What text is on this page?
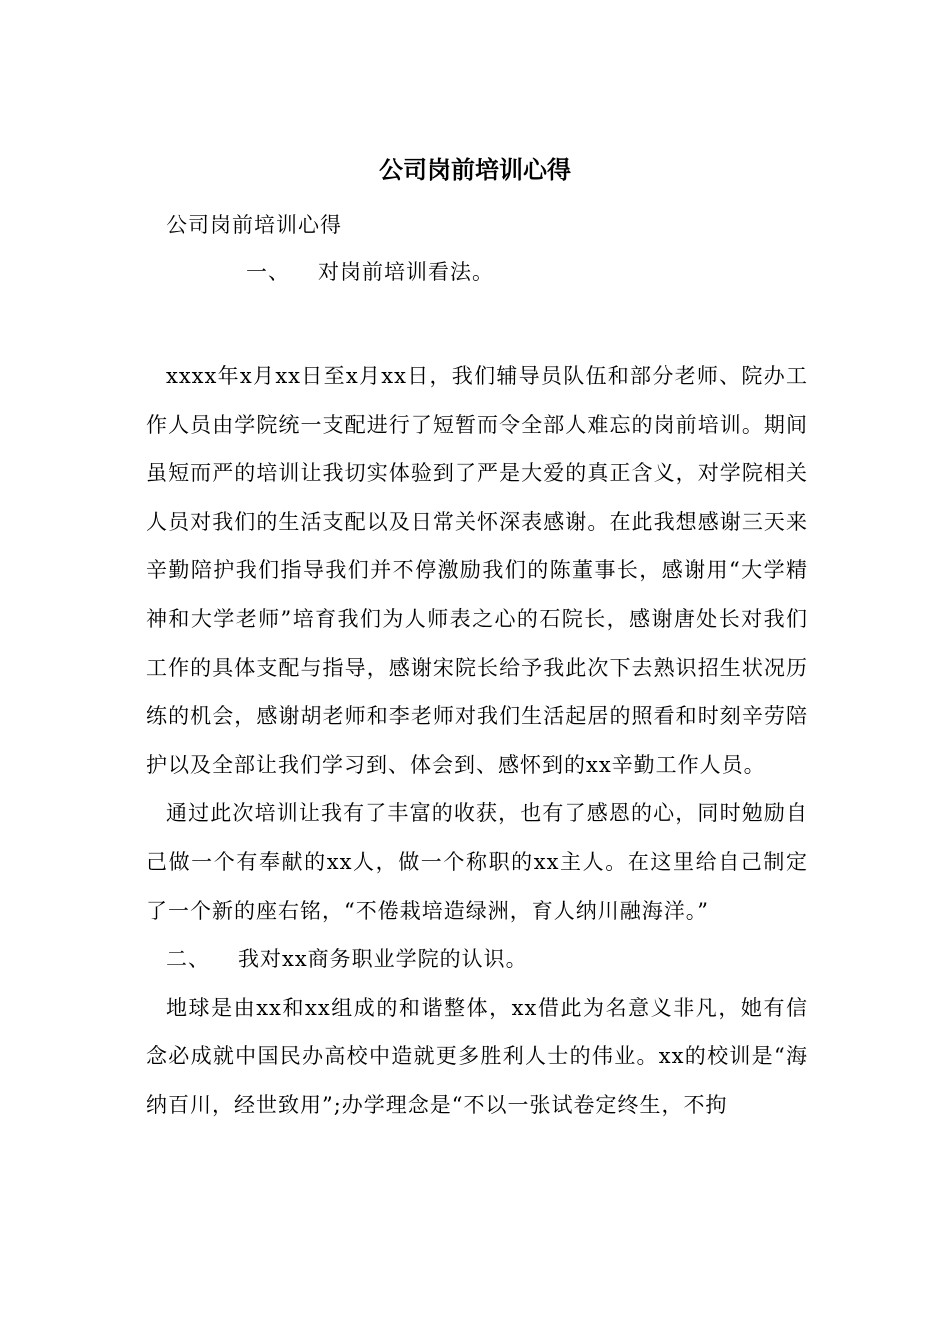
公司岗前培训心得
公司岗前培训心得
一、 对岗前培训看法。

xxxx年x月xx日至x月xx日，我们辅导员队伍和部分老师、院办工作人员由学院统一支配进行了短暂而令全部人难忘的岗前培训。期间虽短而严的培训让我切实体验到了严是大爱的真正含义，对学院相关人员对我们的生活支配以及日常关怀深表感谢。在此我想感谢三天来辛勤陪护我们指导我们并不停激励我们的陈董事长，感谢用“大学精神和大学老师”培育我们为人师表之心的石院长，感谢唐处长对我们工作的具体支配与指导，感谢宋院长给予我此次下去熟识招生状况历练的机会，感谢胡老师和李老师对我们生活起居的照看和时刻辛劳陪护以及全部让我们学习到、体会到、感怀到的xx辛勤工作人员。

通过此次培训让我有了丰富的收获，也有了感恩的心，同时勉励自己做一个有奉献的xx人，做一个称职的xx主人。在这里给自己制定了一个新的座右铭，“不倦栽培造绿洲，育人纳川融海洋。”

二、 我对xx商务职业学院的认识。

地球是由xx和xx组成的和谐整体，xx借此为名意义非凡，她有信念必成就中国民办高校中造就更多胜利人士的伟业。xx的校训是“海纳百川，经世致用”;办学理念是“不以一张试卷定终生，不拘
